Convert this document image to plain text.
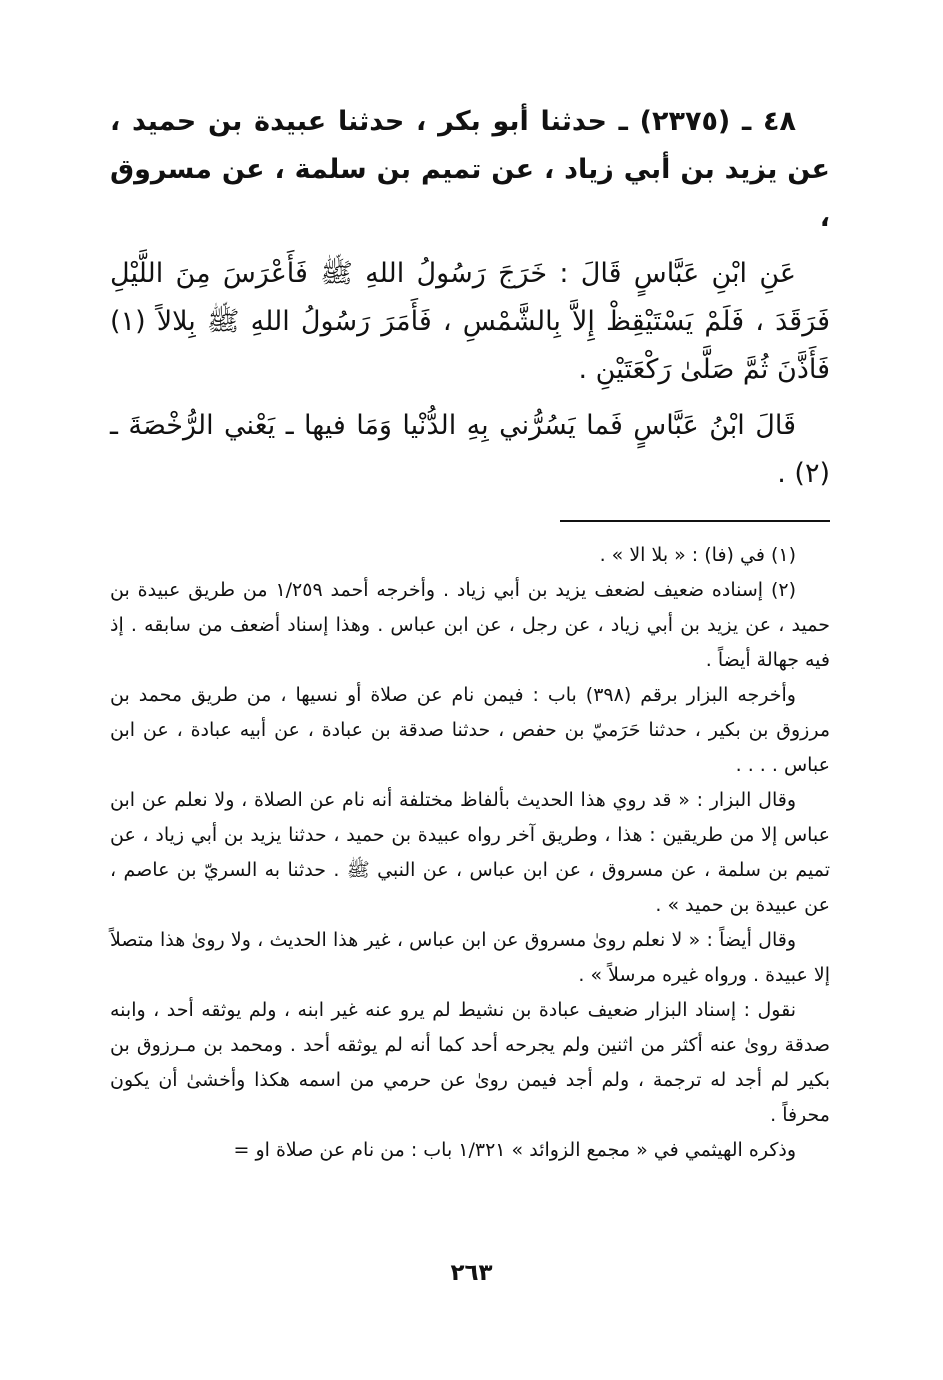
٤٨ ـ (٢٣٧٥) ـ حدثنا أبو بكر ، حدثنا عبيدة بن حميد ، عن يزيد بن أبي زياد ، عن تميم بن سلمة ، عن مسروق ،

عَنِ ابْنِ عَبَّاسٍ قَالَ : خَرَجَ رَسُولُ اللهِ ﷺ فَأَعْرَسَ مِنَ اللَّيْلِ فَرَقَدَ ، فَلَمْ يَسْتَيْقِظْ إِلاَّ بِالشَّمْسِ ، فَأَمَرَ رَسُولُ اللهِ ﷺ بِلالاً (١) فَأَذَّنَ ثُمَّ صَلَّىٰ رَكْعَتَيْنِ .

قَالَ ابْنُ عَبَّاسٍ فَما يَسُرُّني بِهِ الدُّنْيا وَمَا فيها ـ يَعْني الرُّخْصَةَ ـ (٢) .

(١) في (فا) : « بلا الا » .

(٢) إسناده ضعيف لضعف يزيد بن أبي زياد . وأخرجه أحمد ١/٢٥٩ من طريق عبيدة بن حميد ، عن يزيد بن أبي زياد ، عن رجل ، عن ابن عباس . وهذا إسناد أضعف من سابقه . إذ فيه جهالة أيضاً .

وأخرجه البزار برقم (٣٩٨) باب : فيمن نام عن صلاة أو نسيها ، من طريق محمد بن مرزوق بن بكير ، حدثنا حَرَميّ بن حفص ، حدثنا صدقة بن عبادة ، عن أبيه عبادة ، عن ابن عباس . . . .

وقال البزار : « قد روي هذا الحديث بألفاظ مختلفة أنه نام عن الصلاة ، ولا نعلم عن ابن عباس إلا من طريقين : هذا ، وطريق آخر رواه عبيدة بن حميد ، حدثنا يزيد بن أبي زياد ، عن تميم بن سلمة ، عن مسروق ، عن ابن عباس ، عن النبي ﷺ . حدثنا به السريّ بن عاصم ، عن عبيدة بن حميد » .

وقال أيضاً : « لا نعلم روىٰ مسروق عن ابن عباس ، غير هذا الحديث ، ولا روىٰ هذا متصلاً إلا عبيدة . ورواه غيره مرسلاً » .

نقول : إسناد البزار ضعيف عبادة بن نشيط لم يرو عنه غير ابنه ، ولم يوثقه أحد ، وابنه صدقة روىٰ عنه أكثر من اثنين ولم يجرحه أحد كما أنه لم يوثقه أحد . ومحمد بن مـرزوق بن بكير لم أجد له ترجمة ، ولم أجد فيمن روىٰ عن حرمي من اسمه هكذا وأخشىٰ أن يكون محرفاً .

وذكره الهيثمي في « مجمع الزوائد » ١/٣٢١ باب : من نام عن صلاة او =

٢٦٣
